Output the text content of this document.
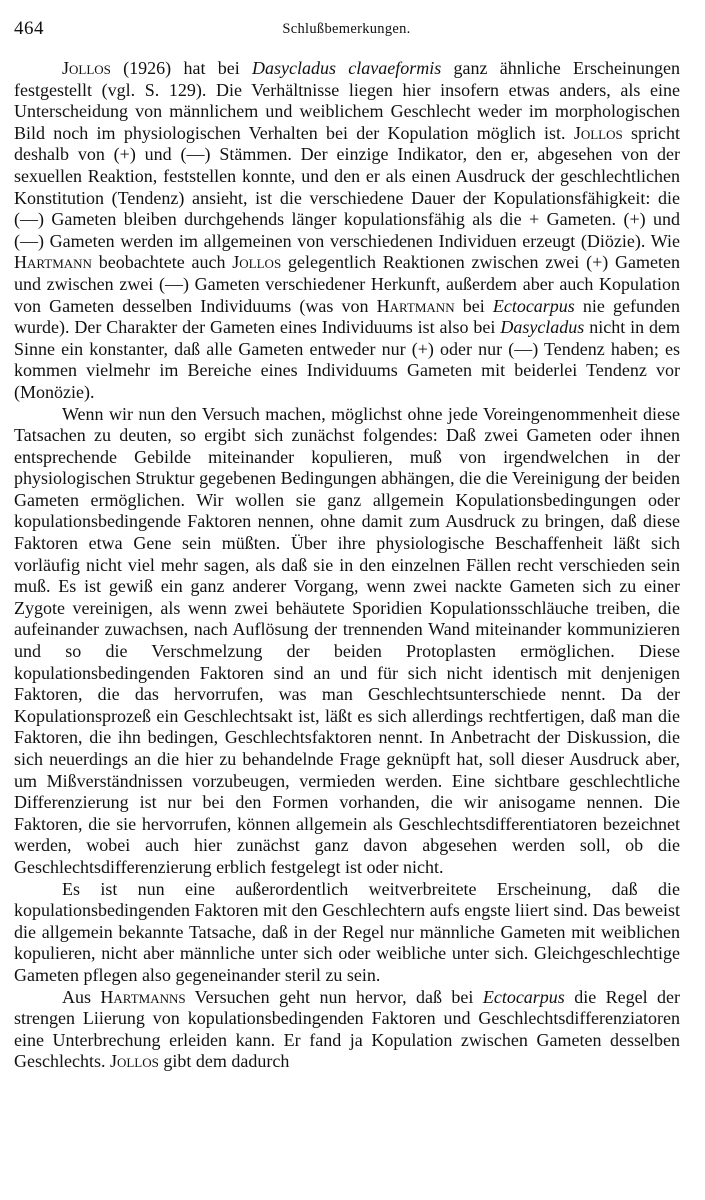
464	Schlußbemerkungen.

Jollos (1926) hat bei Dasycladus clavaeformis ganz ähnliche Erscheinungen festgestellt (vgl. S. 129). Die Verhältnisse liegen hier insofern etwas anders, als eine Unterscheidung von männlichem und weiblichem Geschlecht weder im morphologischen Bild noch im physiologischen Verhalten bei der Kopulation möglich ist. Jollos spricht deshalb von (+) und (—) Stämmen. Der einzige Indikator, den er, abgesehen von der sexuellen Reaktion, feststellen konnte, und den er als einen Ausdruck der geschlechtlichen Konstitution (Tendenz) ansieht, ist die verschiedene Dauer der Kopulationsfähigkeit: die (—) Gameten bleiben durchgehends länger kopulationsfähig als die + Gameten. (+) und (—) Gameten werden im allgemeinen von verschiedenen Individuen erzeugt (Diözie). Wie Hartmann beobachtete auch Jollos gelegentlich Reaktionen zwischen zwei (+) Gameten und zwischen zwei (—) Gameten verschiedener Herkunft, außerdem aber auch Kopulation von Gameten desselben Individuums (was von Hartmann bei Ectocarpus nie gefunden wurde). Der Charakter der Gameten eines Individuums ist also bei Dasycladus nicht in dem Sinne ein konstanter, daß alle Gameten entweder nur (+) oder nur (—) Tendenz haben; es kommen vielmehr im Bereiche eines Individuums Gameten mit beiderlei Tendenz vor (Monözie).

Wenn wir nun den Versuch machen, möglichst ohne jede Voreingenommenheit diese Tatsachen zu deuten, so ergibt sich zunächst folgendes: Daß zwei Gameten oder ihnen entsprechende Gebilde miteinander kopulieren, muß von irgendwelchen in der physiologischen Struktur gegebenen Bedingungen abhängen, die die Vereinigung der beiden Gameten ermöglichen. Wir wollen sie ganz allgemein Kopulationsbedingungen oder kopulationsbedingende Faktoren nennen, ohne damit zum Ausdruck zu bringen, daß diese Faktoren etwa Gene sein müßten. Über ihre physiologische Beschaffenheit läßt sich vorläufig nicht viel mehr sagen, als daß sie in den einzelnen Fällen recht verschieden sein muß. Es ist gewiß ein ganz anderer Vorgang, wenn zwei nackte Gameten sich zu einer Zygote vereinigen, als wenn zwei behäutete Sporidien Kopulationsschläuche treiben, die aufeinander zuwachsen, nach Auflösung der trennenden Wand miteinander kommunizieren und so die Verschmelzung der beiden Protoplasten ermöglichen. Diese kopulationsbedingenden Faktoren sind an und für sich nicht identisch mit denjenigen Faktoren, die das hervorrufen, was man Geschlechtsunterschiede nennt. Da der Kopulationsprozeß ein Geschlechtsakt ist, läßt es sich allerdings rechtfertigen, daß man die Faktoren, die ihn bedingen, Geschlechtsfaktoren nennt. In Anbetracht der Diskussion, die sich neuerdings an die hier zu behandelnde Frage geknüpft hat, soll dieser Ausdruck aber, um Mißverständnissen vorzubeugen, vermieden werden. Eine sichtbare geschlechtliche Differenzierung ist nur bei den Formen vorhanden, die wir anisogame nennen. Die Faktoren, die sie hervorrufen, können allgemein als Geschlechtsdifferentiatoren bezeichnet werden, wobei auch hier zunächst ganz davon abgesehen werden soll, ob die Geschlechtsdifferenzierung erblich festgelegt ist oder nicht.

Es ist nun eine außerordentlich weitverbreitete Erscheinung, daß die kopulationsbedingenden Faktoren mit den Geschlechtern aufs engste liiert sind. Das beweist die allgemein bekannte Tatsache, daß in der Regel nur männliche Gameten mit weiblichen kopulieren, nicht aber männliche unter sich oder weibliche unter sich. Gleichgeschlechtige Gameten pflegen also gegeneinander steril zu sein.

Aus Hartmanns Versuchen geht nun hervor, daß bei Ectocarpus die Regel der strengen Liierung von kopulationsbedingenden Faktoren und Geschlechtsdifferenziatoren eine Unterbrechung erleiden kann. Er fand ja Kopulation zwischen Gameten desselben Geschlechts. Jollos gibt dem dadurch
